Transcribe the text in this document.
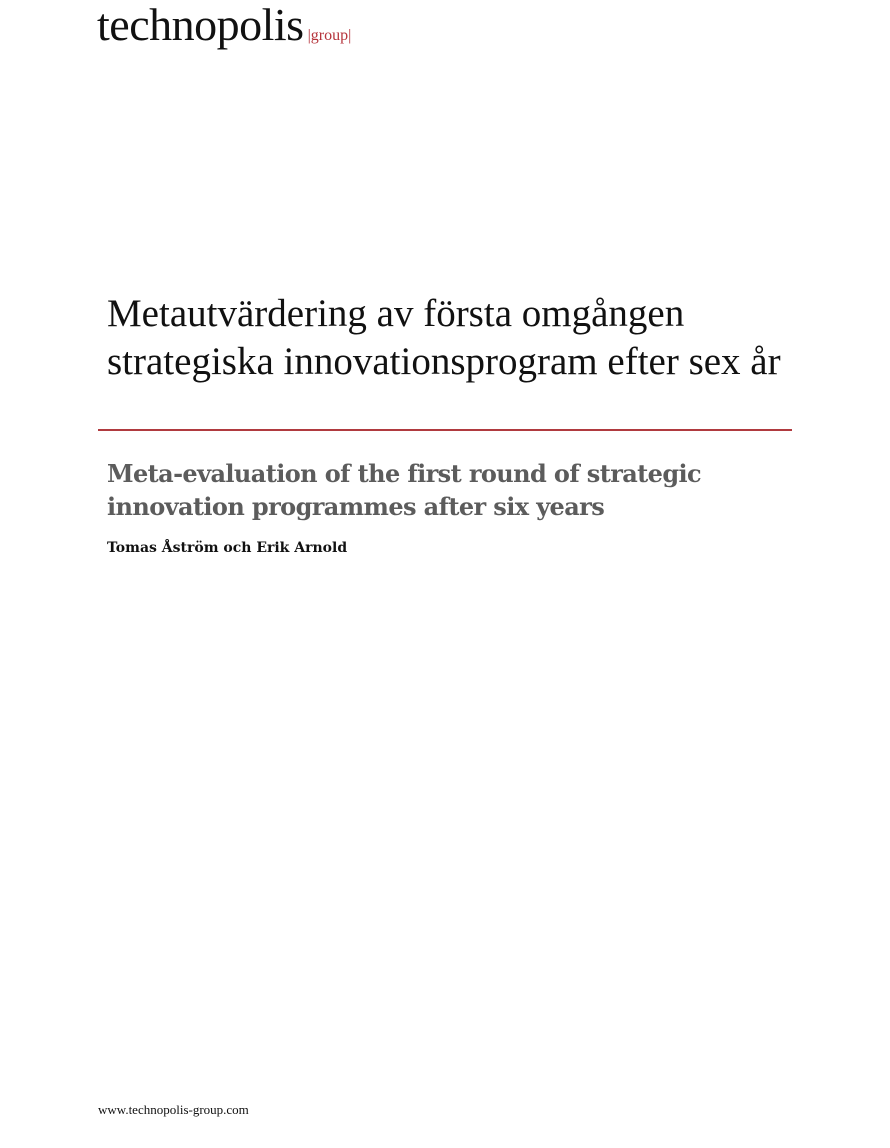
technopolis |group|
Metautvärdering av första omgången strategiska innovationsprogram efter sex år
Meta-evaluation of the first round of strategic innovation programmes after six years

Tomas Åström och Erik Arnold

www.technopolis-group.com
